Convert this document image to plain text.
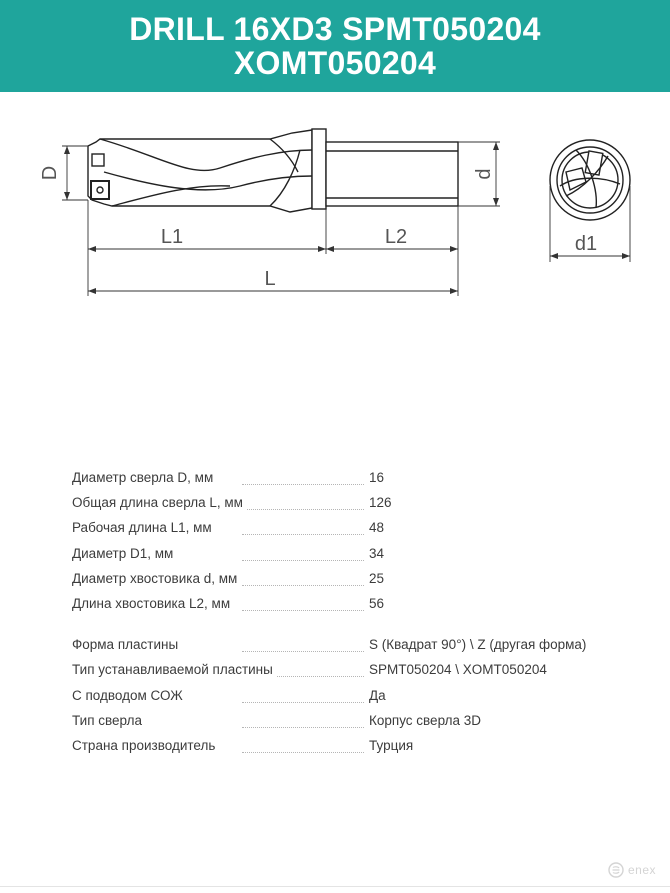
DRILL 16XD3 SPMT050204
XOMT050204
D	d
L1	L2
L
d1
Диаметр сверла D, мм	16
Общая длина сверла L, мм	126
Рабочая длина L1, мм	48
Диаметр D1, мм	34
Диаметр хвостовика d, мм	25
Длина хвостовика L2, мм	56
Форма пластины	S (Квадрат 90°) \ Z (другая форма)
Тип устанавливаемой пластины	SPMT050204 \ XOMT050204
С подводом СОЖ	Да
Тип сверла	Корпус сверла 3D
Страна производитель	Турция
enex
